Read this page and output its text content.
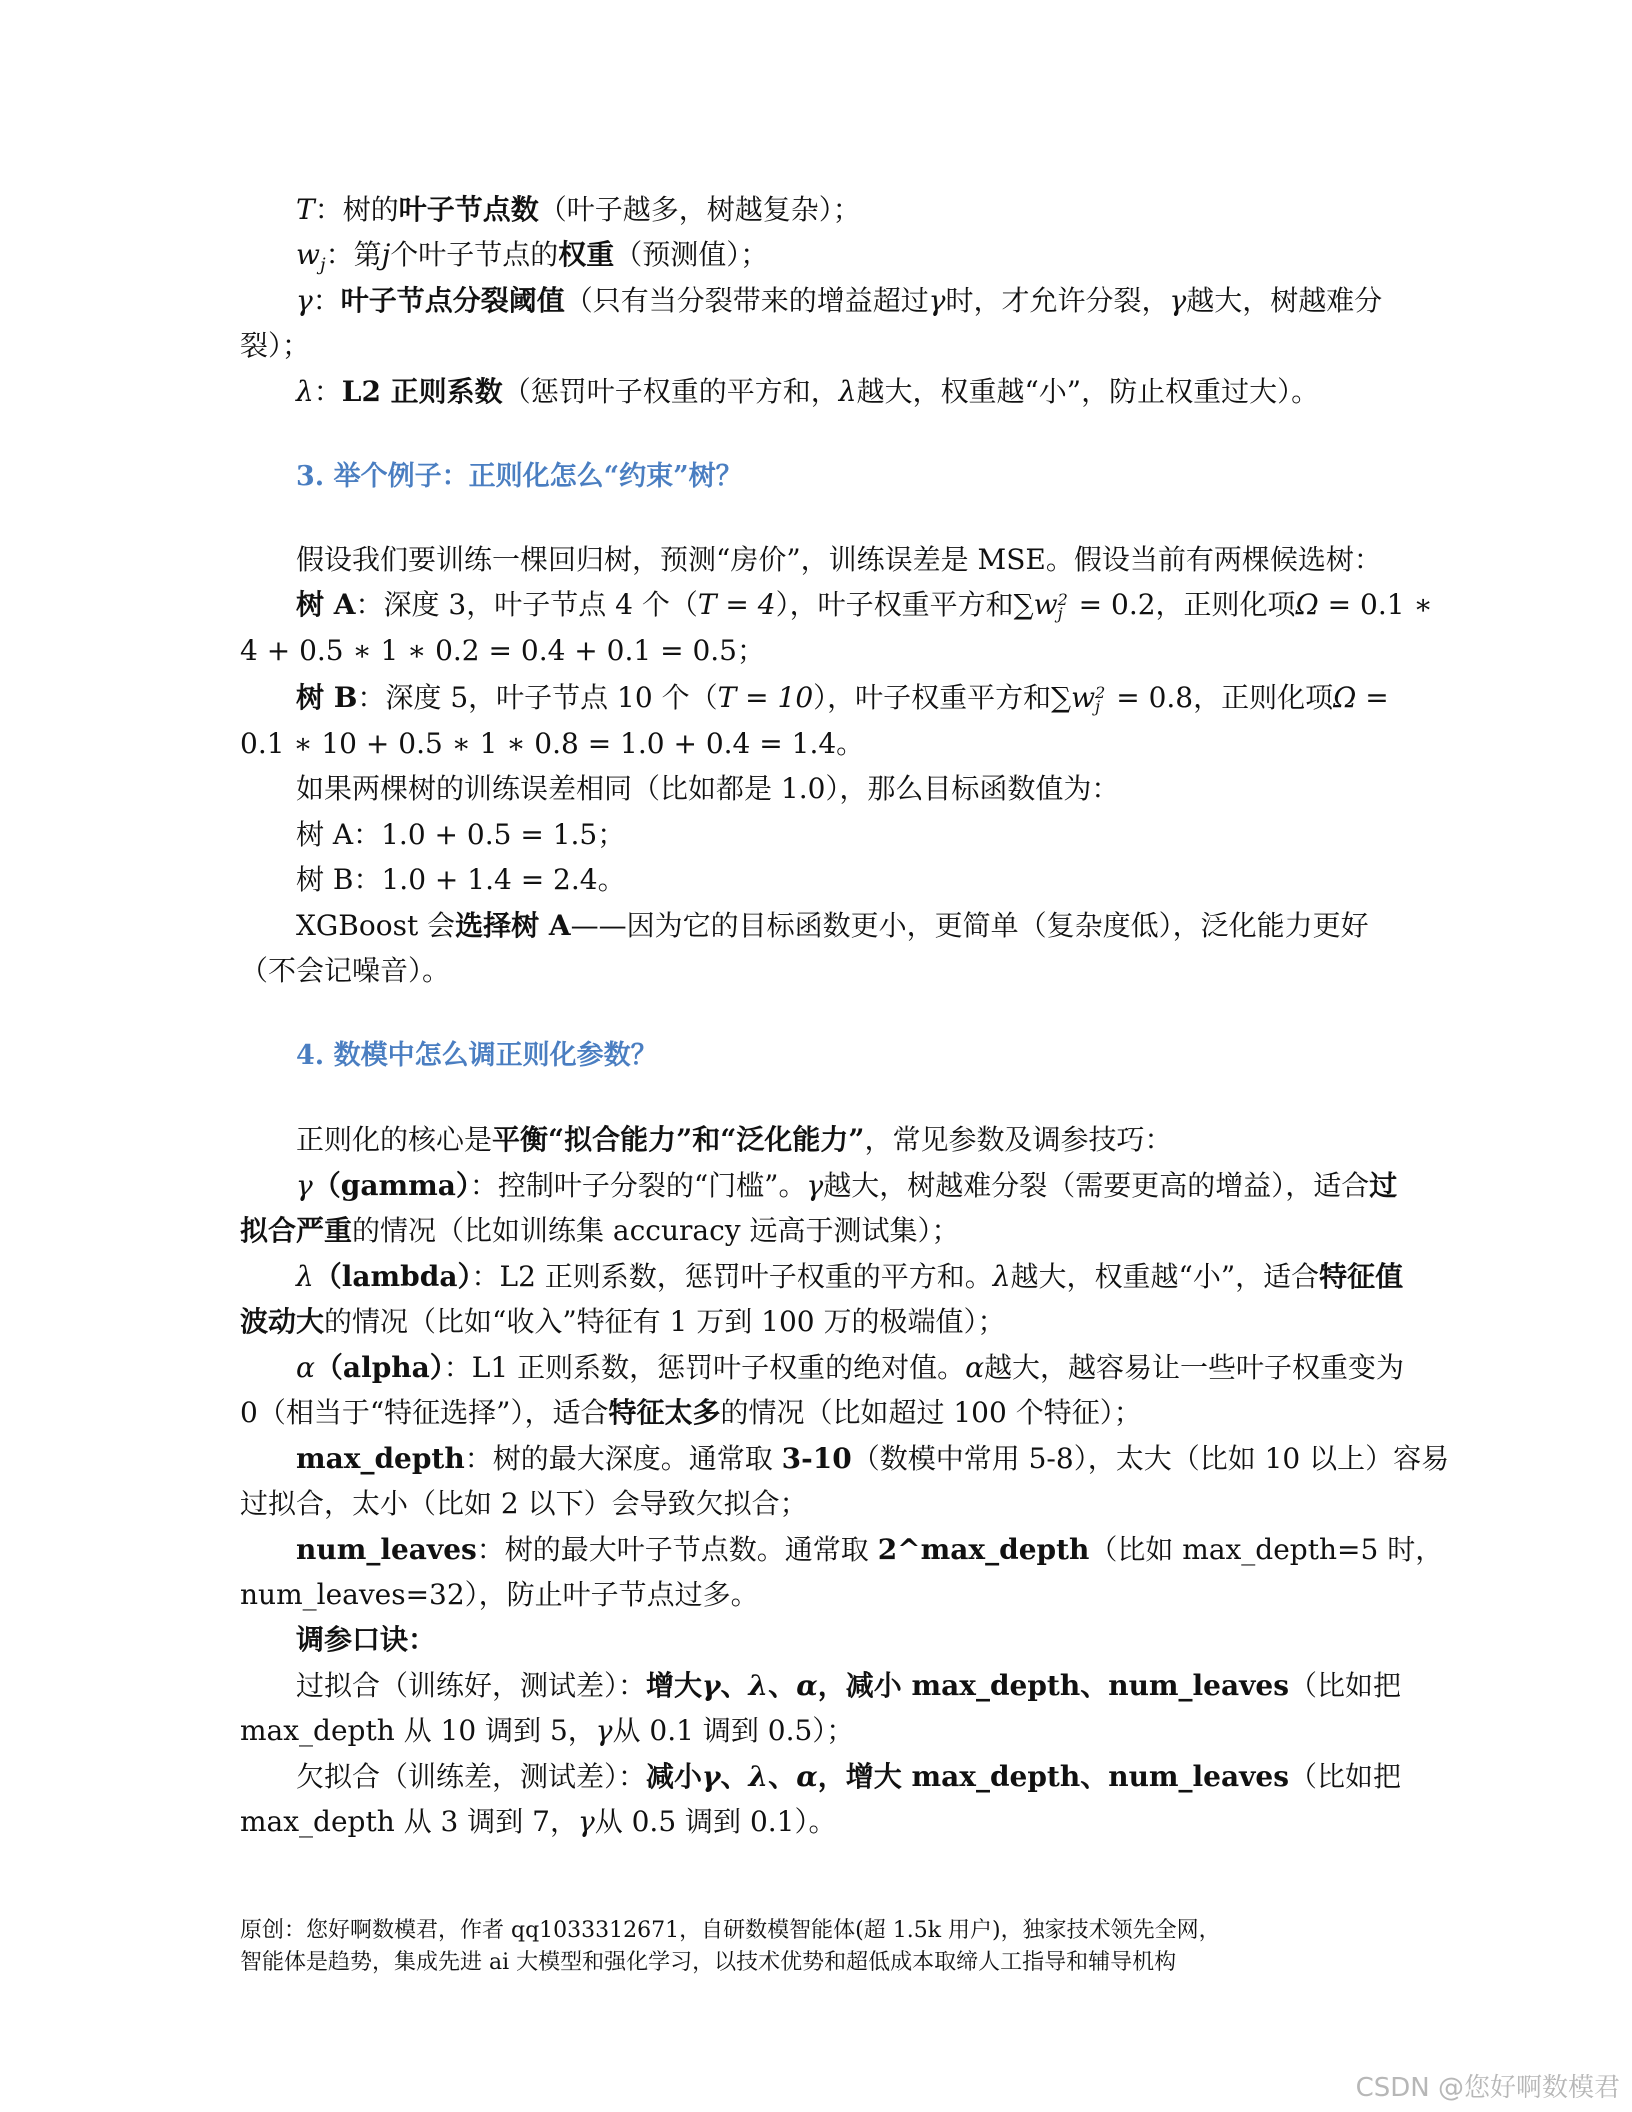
T：树的叶子节点数（叶子越多，树越复杂）；
$w_j$：第j个叶子节点的权重（预测值）；
γ：叶子节点分裂阈值（只有当分裂带来的增益超过γ时，才允许分裂，γ越大，树越难分
裂）；
λ：L2 正则系数（惩罚叶子权重的平方和，λ越大，权重越“小”，防止权重过大）。
3. 举个例子：正则化怎么“约束”树？
假设我们要训练一棵回归树，预测“房价”，训练误差是 MSE。假设当前有两棵候选树：
树 A：深度 3，叶子节点 4 个（T = 4），叶子权重平方和∑w 2
j = 0.2，正则化项Ω = 0.1 ∗
4 + 0.5 ∗ 1 ∗ 0.2 = 0.4 + 0.1 = 0.5；
树 B：深度 5，叶子节点 10 个（T = 10），叶子权重平方和∑w 2
j = 0.8，正则化项Ω =
0.1 ∗ 10 + 0.5 ∗ 1 ∗ 0.8 = 1.0 + 0.4 = 1.4。
如果两棵树的训练误差相同（比如都是 1.0），那么目标函数值为：
树 A：1.0 + 0.5 = 1.5；
树 B：1.0 + 1.4 = 2.4。
XGBoost 会选择树 A——因为它的目标函数更小，更简单（复杂度低），泛化能力更好
（不会记噪音）。
4. 数模中怎么调正则化参数？
正则化的核心是平衡“拟合能力”和“泛化能力”，常见参数及调参技巧：
γ（gamma）：控制叶子分裂的“门槛”。γ越大，树越难分裂（需要更高的增益），适合过
拟合严重的情况（比如训练集 accuracy 远高于测试集）；
λ（lambda）：L2 正则系数，惩罚叶子权重的平方和。λ越大，权重越“小”，适合特征值
波动大的情况（比如“收入”特征有 1 万到 100 万的极端值）；
α（alpha）：L1 正则系数，惩罚叶子权重的绝对值。α越大，越容易让一些叶子权重变为
0（相当于“特征选择”），适合特征太多的情况（比如超过 100 个特征）；
max_depth：树的最大深度。通常取 3-10（数模中常用 5-8），太大（比如 10 以上）容易
过拟合，太小（比如 2 以下）会导致欠拟合；
num_leaves：树的最大叶子节点数。通常取 2^max_depth（比如 max_depth=5 时，
num_leaves=32），防止叶子节点过多。
调参口诀：
过拟合（训练好，测试差）：增大γ、λ、α，减小 max_depth、num_leaves（比如把
max_depth 从 10 调到 5，γ从 0.1 调到 0.5）；
欠拟合（训练差，测试差）：减小γ、λ、α，增大 max_depth、num_leaves（比如把
max_depth 从 3 调到 7，γ从 0.5 调到 0.1）。
原创：您好啊数模君，作者 qq1033312671，自研数模智能体(超 1.5k 用户)，独家技术领先全网，
智能体是趋势，集成先进 ai 大模型和强化学习，以技术优势和超低成本取缔人工指导和辅导机构
CSDN @您好啊数模君
